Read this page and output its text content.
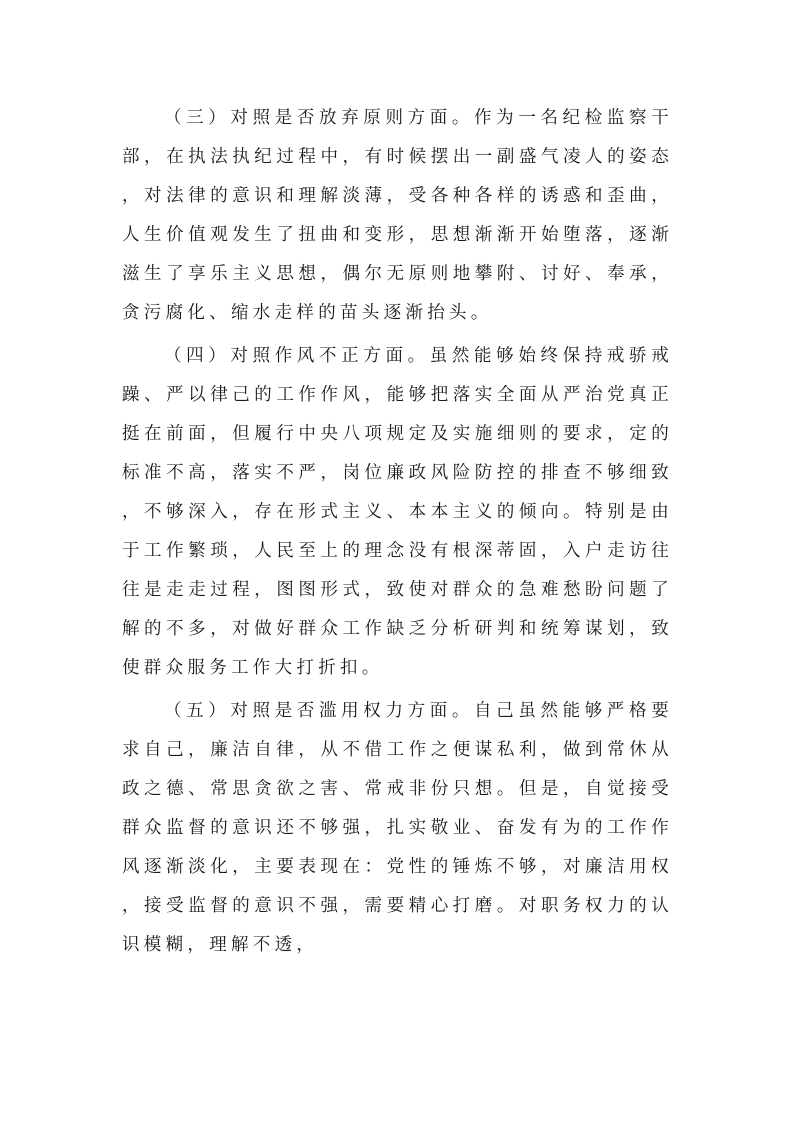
（三）对照是否放弃原则方面。作为一名纪检监察干部，在执法执纪过程中，有时候摆出一副盛气凌人的姿态，对法律的意识和理解淡薄，受各种各样的诱惑和歪曲，人生价值观发生了扭曲和变形，思想渐渐开始堕落，逐渐滋生了享乐主义思想，偶尔无原则地攀附、讨好、奉承，贪污腐化、缩水走样的苗头逐渐抬头。

（四）对照作风不正方面。虽然能够始终保持戒骄戒躁、严以律己的工作作风，能够把落实全面从严治党真正挺在前面，但履行中央八项规定及实施细则的要求，定的标准不高，落实不严，岗位廉政风险防控的排查不够细致，不够深入，存在形式主义、本本主义的倾向。特别是由于工作繁琐，人民至上的理念没有根深蒂固，入户走访往往是走走过程，图图形式，致使对群众的急难愁盼问题了解的不多，对做好群众工作缺乏分析研判和统筹谋划，致使群众服务工作大打折扣。

（五）对照是否滥用权力方面。自己虽然能够严格要求自己，廉洁自律，从不借工作之便谋私利，做到常休从政之德、常思贪欲之害、常戒非份只想。但是，自觉接受群众监督的意识还不够强，扎实敬业、奋发有为的工作作风逐渐淡化，主要表现在：党性的锤炼不够，对廉洁用权，接受监督的意识不强，需要精心打磨。对职务权力的认识模糊，理解不透，
